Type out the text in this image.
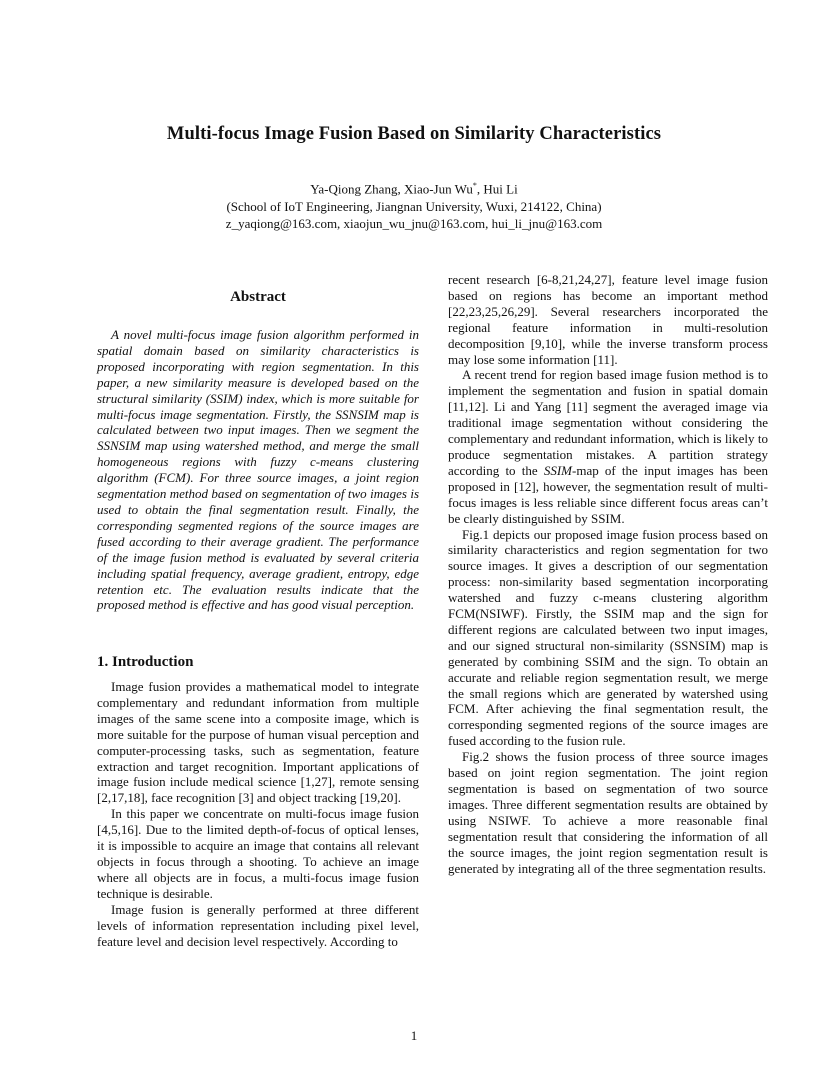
Multi-focus Image Fusion Based on Similarity Characteristics
Ya-Qiong Zhang, Xiao-Jun Wu*, Hui Li
(School of IoT Engineering, Jiangnan University, Wuxi, 214122, China)
z_yaqiong@163.com, xiaojun_wu_jnu@163.com, hui_li_jnu@163.com
Abstract

A novel multi-focus image fusion algorithm performed in spatial domain based on similarity characteristics is proposed incorporating with region segmentation. In this paper, a new similarity measure is developed based on the structural similarity (SSIM) index, which is more suitable for multi-focus image segmentation. Firstly, the SSNSIM map is calculated between two input images. Then we segment the SSNSIM map using watershed method, and merge the small homogeneous regions with fuzzy c-means clustering algorithm (FCM). For three source images, a joint region segmentation method based on segmentation of two images is used to obtain the final segmentation result. Finally, the corresponding segmented regions of the source images are fused according to their average gradient. The performance of the image fusion method is evaluated by several criteria including spatial frequency, average gradient, entropy, edge retention etc. The evaluation results indicate that the proposed method is effective and has good visual perception.

1. Introduction

Image fusion provides a mathematical model to integrate complementary and redundant information from multiple images of the same scene into a composite image, which is more suitable for the purpose of human visual perception and computer-processing tasks, such as segmentation, feature extraction and target recognition. Important applications of image fusion include medical science [1,27], remote sensing [2,17,18], face recognition [3] and object tracking [19,20].

In this paper we concentrate on multi-focus image fusion [4,5,16]. Due to the limited depth-of-focus of optical lenses, it is impossible to acquire an image that contains all relevant objects in focus through a shooting. To achieve an image where all objects are in focus, a multi-focus image fusion technique is desirable.

Image fusion is generally performed at three different levels of information representation including pixel level, feature level and decision level respectively. According to

recent research [6-8,21,24,27], feature level image fusion based on regions has become an important method [22,23,25,26,29]. Several researchers incorporated the regional feature information in multi-resolution decomposition [9,10], while the inverse transform process may lose some information [11].

A recent trend for region based image fusion method is to implement the segmentation and fusion in spatial domain [11,12]. Li and Yang [11] segment the averaged image via traditional image segmentation without considering the complementary and redundant information, which is likely to produce segmentation mistakes. A partition strategy according to the SSIM-map of the input images has been proposed in [12], however, the segmentation result of multi-focus images is less reliable since different focus areas can’t be clearly distinguished by SSIM.

Fig.1 depicts our proposed image fusion process based on similarity characteristics and region segmentation for two source images. It gives a description of our segmentation process: non-similarity based segmentation incorporating watershed and fuzzy c-means clustering algorithm FCM(NSIWF). Firstly, the SSIM map and the sign for different regions are calculated between two input images, and our signed structural non-similarity (SSNSIM) map is generated by combining SSIM and the sign. To obtain an accurate and reliable region segmentation result, we merge the small regions which are generated by watershed using FCM. After achieving the final segmentation result, the corresponding segmented regions of the source images are fused according to the fusion rule.

Fig.2 shows the fusion process of three source images based on joint region segmentation. The joint region segmentation is based on segmentation of two source images. Three different segmentation results are obtained by using NSIWF. To achieve a more reasonable final segmentation result that considering the information of all the source images, the joint region segmentation result is generated by integrating all of the three segmentation results.

1
